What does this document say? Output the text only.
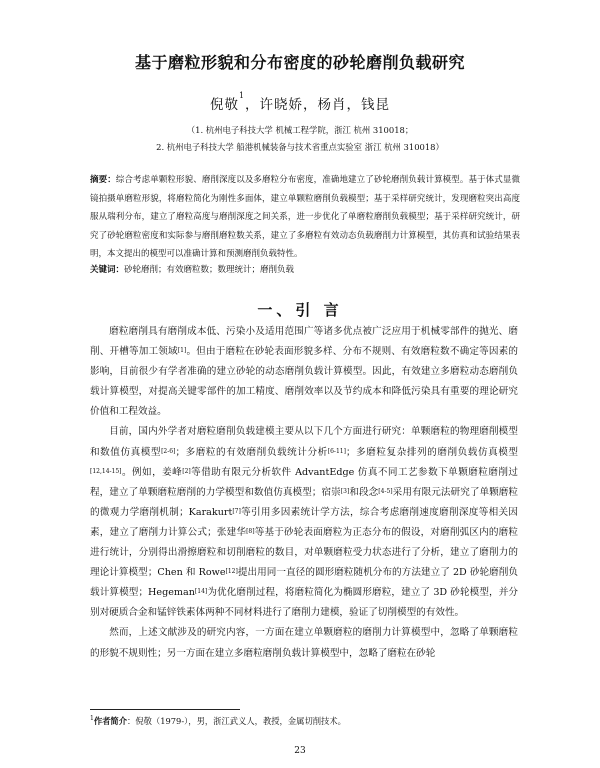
基于磨粒形貌和分布密度的砂轮磨削负载研究
倪敬$^1$，许晓娇，杨肖，钱昆
（1. 杭州电子科技大学 机械工程学院，浙江 杭州 310018；
2. 杭州电子科技大学 船港机械装备与技术省重点实验室 浙江 杭州 310018）
摘要：综合考虑单颗粒形貌、磨削深度以及多磨粒分布密度，准确地建立了砂轮磨削负载计算模型。基于体式显微镜拍摄单磨粒形貌，将磨粒简化为刚性多面体，建立单颗粒磨削负载模型；基于采样研究统计，发现磨粒突出高度服从瑞利分布，建立了磨粒高度与磨削深度之间关系，进一步优化了单磨粒磨削负载模型；基于采样研究统计，研究了砂轮磨粒密度和实际参与磨削磨粒数关系，建立了多磨粒有效动态负载磨削力计算模型，其仿真和试验结果表明，本文提出的模型可以准确计算和预测磨削负载特性。
关键词：砂轮磨削；有效磨粒数；数理统计；磨削负载
一、引 言

磨粒磨削具有磨削成本低、污染小及适用范围广等诸多优点被广泛应用于机械零部件的抛光、磨削、开槽等加工领域[1]。但由于磨粒在砂轮表面形貌多样、分布不规则、有效磨粒数不确定等因素的影响，目前很少有学者准确的建立砂轮的动态磨削负载计算模型。因此，有效建立多磨粒动态磨削负载计算模型，对提高关键零部件的加工精度、磨削效率以及节约成本和降低污染具有重要的理论研究价值和工程效益。

目前，国内外学者对磨粒磨削负载建模主要从以下几个方面进行研究：单颗磨粒的物理磨削模型和数值仿真模型[2-6]；多磨粒的有效磨削负载统计分析[6-11]；多磨粒复杂排列的磨削负载仿真模型[12,14-15]。例如，姜峰[2]等借助有限元分析软件 AdvantEdge 仿真不同工艺参数下单颗磨粒磨削过程，建立了单颗磨粒磨削的力学模型和数值仿真模型；宿崇[3]和段念[4-5]采用有限元法研究了单颗磨粒的微观力学磨削机制；Karakurt[7]等引用多因素统计学方法，综合考虑磨削速度磨削深度等相关因素，建立了磨削力计算公式；张建华[8]等基于砂轮表面磨粒为正态分布的假设，对磨削弧区内的磨粒进行统计，分别得出滑擦磨粒和切削磨粒的数目，对单颗磨粒受力状态进行了分析，建立了磨削力的理论计算模型；Chen 和 Rowe[12]提出用同一直径的圆形磨粒随机分布的方法建立了 2D 砂轮磨削负载计算模型；Hegeman[14]为优化磨削过程，将磨粒简化为椭圆形磨粒，建立了 3D 砂轮模型，并分别对硬质合金和锰锌铁素体两种不同材料进行了磨削力建模，验证了切削模型的有效性。

然而，上述文献涉及的研究内容，一方面在建立单颗磨粒的磨削力计算模型中，忽略了单颗磨粒的形貌不规则性；另一方面在建立多磨粒磨削负载计算模型中，忽略了磨粒在砂轮

$^1$作者简介：倪敬（1979-），男，浙江武义人，教授，金属切削技术。
23
